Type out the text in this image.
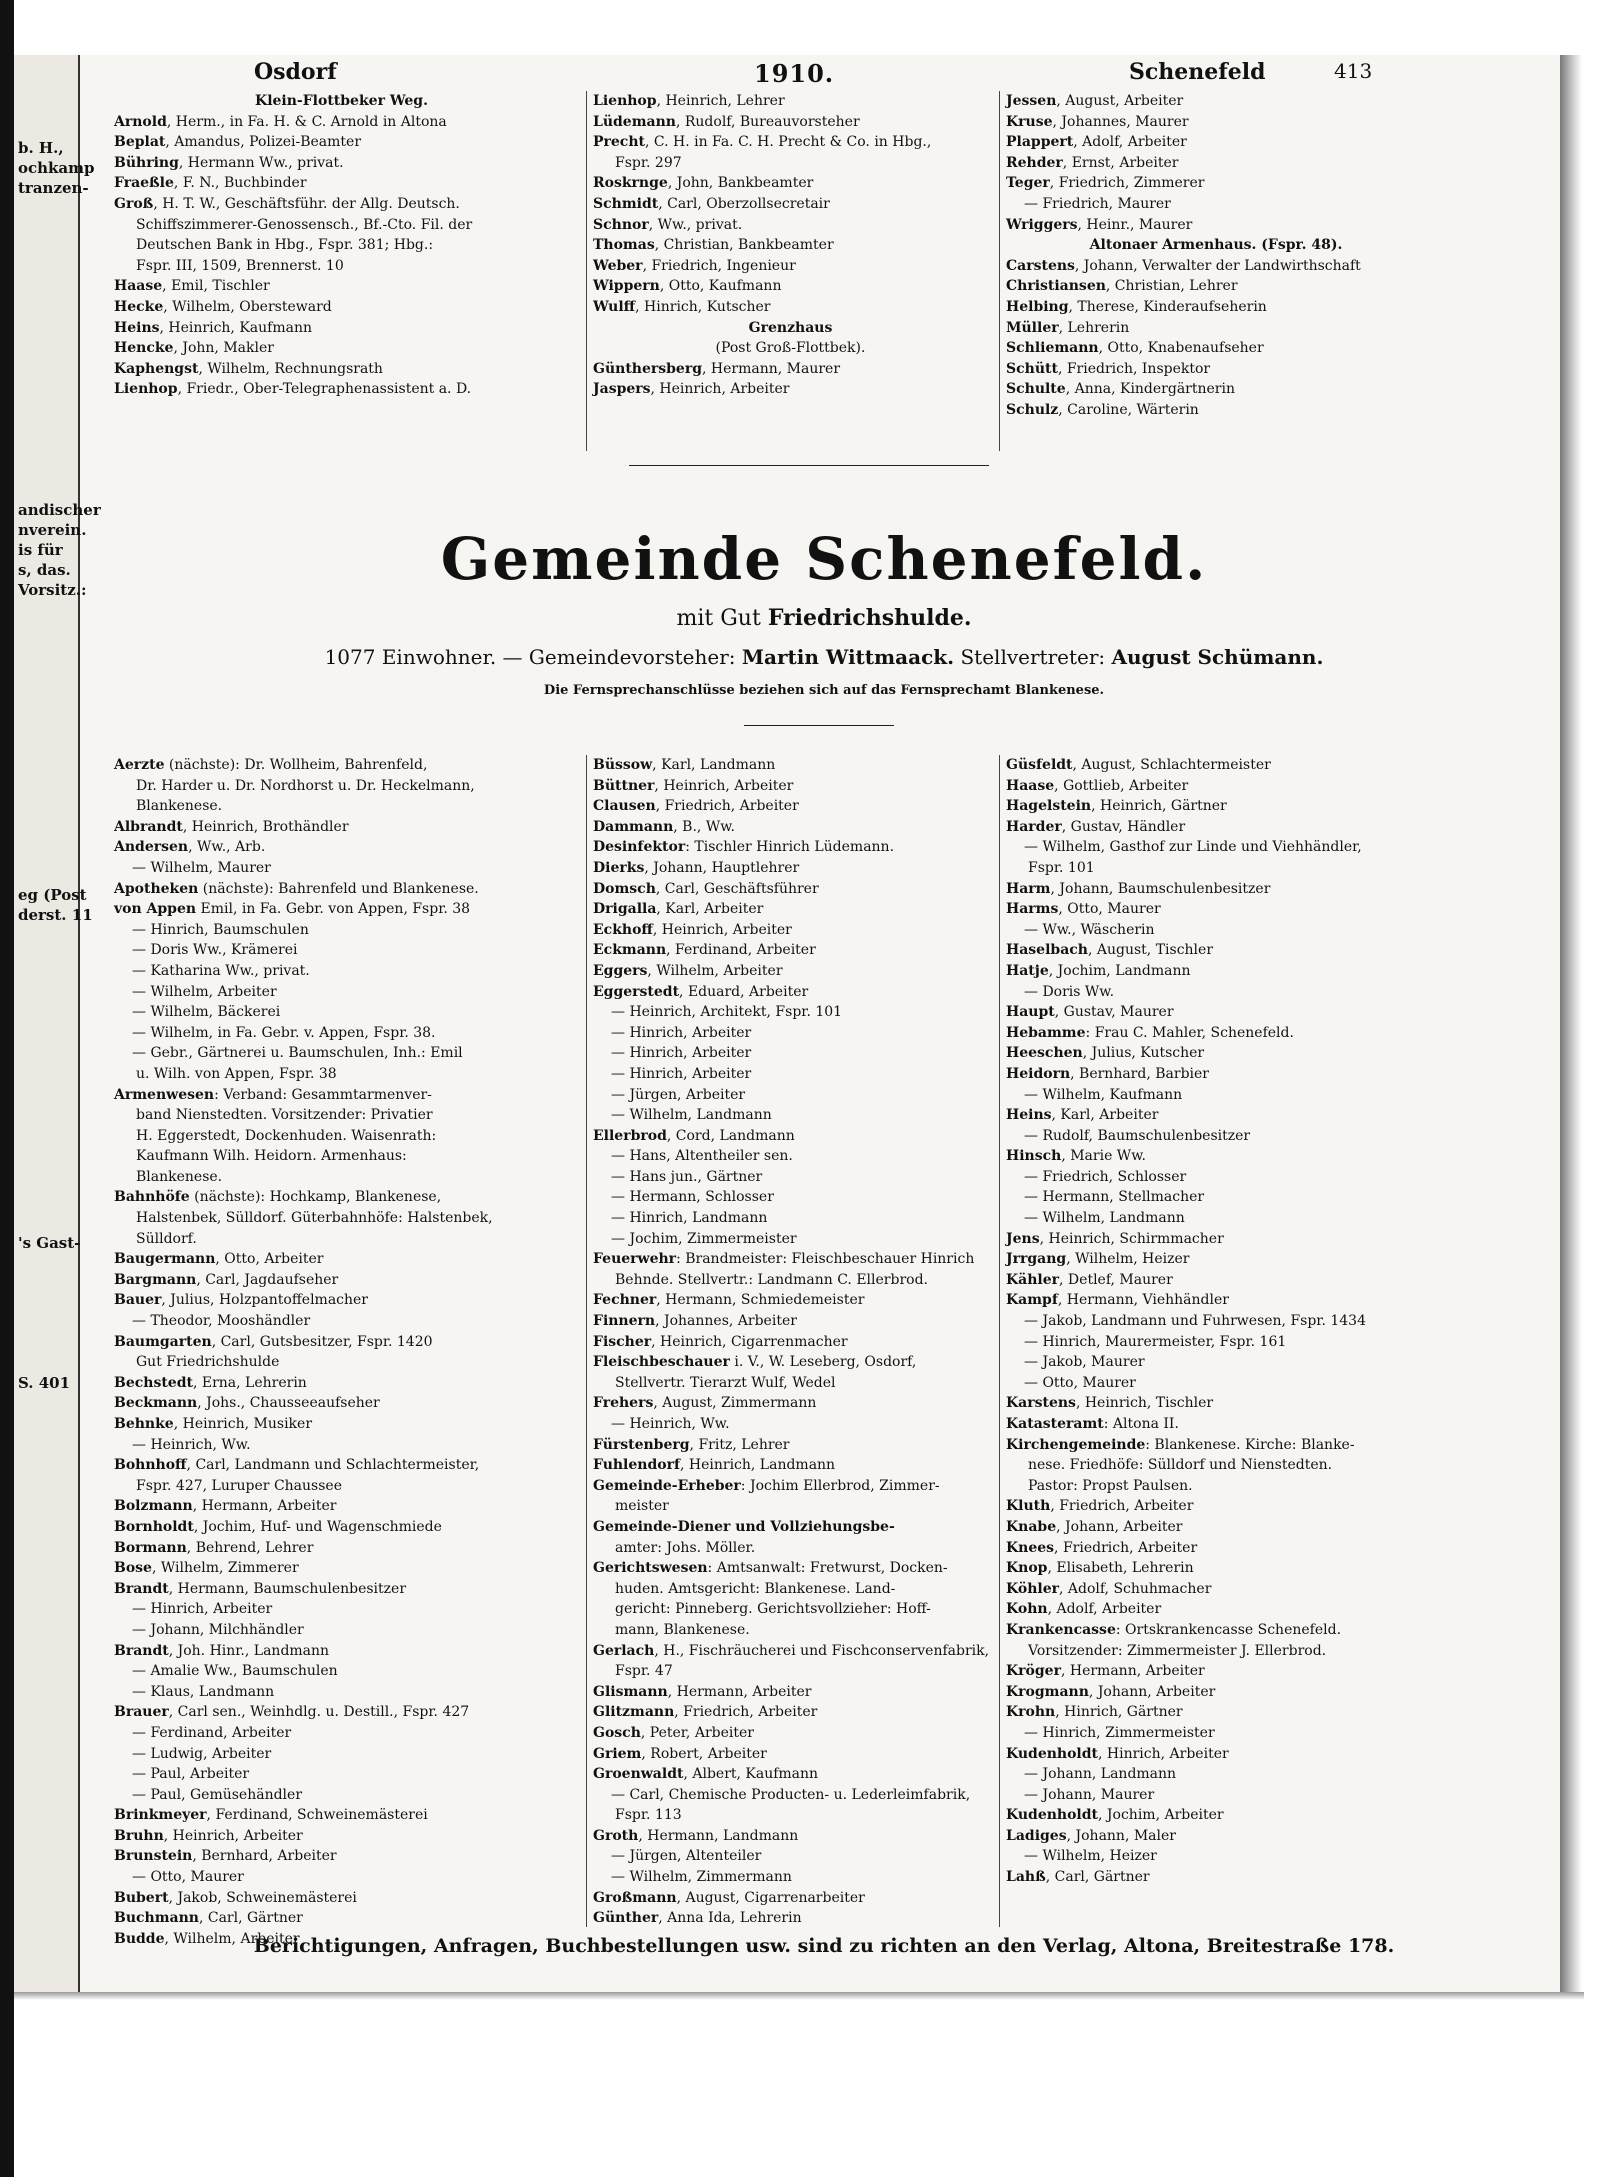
b. H.,
ochkamp
tranzen-
andischer
nverein.
is für
s, das.
Vorsitz.:
eg (Post
derst. 11
's Gast-
S. 401
Osdorf	1910.	Schenefeld	413
Klein-Flottbeker Weg.
Arnold, Herm., in Fa. H. & C. Arnold in Altona
Beplat, Amandus, Polizei-Beamter
Bühring, Hermann Ww., privat.
Fraeßle, F. N., Buchbinder
Groß, H. T. W., Geschäftsführ. der Allg. Deutsch.
Schiffszimmerer-Genossensch., Bf.-Cto. Fil. der
Deutschen Bank in Hbg., Fspr. 381; Hbg.:
Fspr. III, 1509, Brennerst. 10
Haase, Emil, Tischler
Hecke, Wilhelm, Obersteward
Heins, Heinrich, Kaufmann
Hencke, John, Makler
Kaphengst, Wilhelm, Rechnungsrath
Lienhop, Friedr., Ober-Telegraphenassistent a. D.
Lienhop, Heinrich, Lehrer
Lüdemann, Rudolf, Bureauvorsteher
Precht, C. H. in Fa. C. H. Precht & Co. in Hbg.,
Fspr. 297
Roskrnge, John, Bankbeamter
Schmidt, Carl, Oberzollsecretair
Schnor, Ww., privat.
Thomas, Christian, Bankbeamter
Weber, Friedrich, Ingenieur
Wippern, Otto, Kaufmann
Wulff, Hinrich, Kutscher
Grenzhaus
(Post Groß-Flottbek).
Günthersberg, Hermann, Maurer
Jaspers, Heinrich, Arbeiter
Jessen, August, Arbeiter
Kruse, Johannes, Maurer
Plappert, Adolf, Arbeiter
Rehder, Ernst, Arbeiter
Teger, Friedrich, Zimmerer
— Friedrich, Maurer
Wriggers, Heinr., Maurer
Altonaer Armenhaus. (Fspr. 48).
Carstens, Johann, Verwalter der Landwirthschaft
Christiansen, Christian, Lehrer
Helbing, Therese, Kinderaufseherin
Müller, Lehrerin
Schliemann, Otto, Knabenaufseher
Schütt, Friedrich, Inspektor
Schulte, Anna, Kindergärtnerin
Schulz, Caroline, Wärterin
Gemeinde Schenefeld.
mit Gut Friedrichshulde.
1077 Einwohner. — Gemeindevorsteher: Martin Wittmaack. Stellvertreter: August Schümann.
Die Fernsprechanschlüsse beziehen sich auf das Fernsprechamt Blankenese.
Aerzte (nächste): Dr. Wollheim, Bahrenfeld,
Dr. Harder u. Dr. Nordhorst u. Dr. Heckelmann,
Blankenese.
Albrandt, Heinrich, Brothändler
Andersen, Ww., Arb.
— Wilhelm, Maurer
Apotheken (nächste): Bahrenfeld und Blankenese.
von Appen Emil, in Fa. Gebr. von Appen, Fspr. 38
— Hinrich, Baumschulen
— Doris Ww., Krämerei
— Katharina Ww., privat.
— Wilhelm, Arbeiter
— Wilhelm, Bäckerei
— Wilhelm, in Fa. Gebr. v. Appen, Fspr. 38.
— Gebr., Gärtnerei u. Baumschulen, Inh.: Emil
u. Wilh. von Appen, Fspr. 38
Armenwesen: Verband: Gesammtarmenver-
band Nienstedten. Vorsitzender: Privatier
H. Eggerstedt, Dockenhuden. Waisenrath:
Kaufmann Wilh. Heidorn. Armenhaus:
Blankenese.
Bahnhöfe (nächste): Hochkamp, Blankenese,
Halstenbek, Sülldorf. Güterbahnhöfe: Halstenbek,
Sülldorf.
Baugermann, Otto, Arbeiter
Bargmann, Carl, Jagdaufseher
Bauer, Julius, Holzpantoffelmacher
— Theodor, Mooshändler
Baumgarten, Carl, Gutsbesitzer, Fspr. 1420
Gut Friedrichshulde
Bechstedt, Erna, Lehrerin
Beckmann, Johs., Chausseeaufseher
Behnke, Heinrich, Musiker
— Heinrich, Ww.
Bohnhoff, Carl, Landmann und Schlachtermeister,
Fspr. 427, Luruper Chaussee
Bolzmann, Hermann, Arbeiter
Bornholdt, Jochim, Huf- und Wagenschmiede
Bormann, Behrend, Lehrer
Bose, Wilhelm, Zimmerer
Brandt, Hermann, Baumschulenbesitzer
— Hinrich, Arbeiter
— Johann, Milchhändler
Brandt, Joh. Hinr., Landmann
— Amalie Ww., Baumschulen
— Klaus, Landmann
Brauer, Carl sen., Weinhdlg. u. Destill., Fspr. 427
— Ferdinand, Arbeiter
— Ludwig, Arbeiter
— Paul, Arbeiter
— Paul, Gemüsehändler
Brinkmeyer, Ferdinand, Schweinemästerei
Bruhn, Heinrich, Arbeiter
Brunstein, Bernhard, Arbeiter
— Otto, Maurer
Bubert, Jakob, Schweinemästerei
Buchmann, Carl, Gärtner
Budde, Wilhelm, Arbeiter
Büssow, Karl, Landmann
Büttner, Heinrich, Arbeiter
Clausen, Friedrich, Arbeiter
Dammann, B., Ww.
Desinfektor: Tischler Hinrich Lüdemann.
Dierks, Johann, Hauptlehrer
Domsch, Carl, Geschäftsführer
Drigalla, Karl, Arbeiter
Eckhoff, Heinrich, Arbeiter
Eckmann, Ferdinand, Arbeiter
Eggers, Wilhelm, Arbeiter
Eggerstedt, Eduard, Arbeiter
— Heinrich, Architekt, Fspr. 101
— Hinrich, Arbeiter
— Hinrich, Arbeiter
— Hinrich, Arbeiter
— Jürgen, Arbeiter
— Wilhelm, Landmann
Ellerbrod, Cord, Landmann
— Hans, Altentheiler sen.
— Hans jun., Gärtner
— Hermann, Schlosser
— Hinrich, Landmann
— Jochim, Zimmermeister
Feuerwehr: Brandmeister: Fleischbeschauer Hinrich
Behnde. Stellvertr.: Landmann C. Ellerbrod.
Fechner, Hermann, Schmiedemeister
Finnern, Johannes, Arbeiter
Fischer, Heinrich, Cigarrenmacher
Fleischbeschauer i. V., W. Leseberg, Osdorf,
Stellvertr. Tierarzt Wulf, Wedel
Frehers, August, Zimmermann
— Heinrich, Ww.
Fürstenberg, Fritz, Lehrer
Fuhlendorf, Heinrich, Landmann
Gemeinde-Erheber: Jochim Ellerbrod, Zimmer-
meister
Gemeinde-Diener und Vollziehungsbe-
amter: Johs. Möller.
Gerichtswesen: Amtsanwalt: Fretwurst, Docken-
huden. Amtsgericht: Blankenese. Land-
gericht: Pinneberg. Gerichtsvollzieher: Hoff-
mann, Blankenese.
Gerlach, H., Fischräucherei und Fischconservenfabrik,
Fspr. 47
Glismann, Hermann, Arbeiter
Glitzmann, Friedrich, Arbeiter
Gosch, Peter, Arbeiter
Griem, Robert, Arbeiter
Groenwaldt, Albert, Kaufmann
— Carl, Chemische Producten- u. Lederleimfabrik,
Fspr. 113
Groth, Hermann, Landmann
— Jürgen, Altenteiler
— Wilhelm, Zimmermann
Großmann, August, Cigarrenarbeiter
Günther, Anna Ida, Lehrerin
Güsfeldt, August, Schlachtermeister
Haase, Gottlieb, Arbeiter
Hagelstein, Heinrich, Gärtner
Harder, Gustav, Händler
— Wilhelm, Gasthof zur Linde und Viehhändler,
Fspr. 101
Harm, Johann, Baumschulenbesitzer
Harms, Otto, Maurer
— Ww., Wäscherin
Haselbach, August, Tischler
Hatje, Jochim, Landmann
— Doris Ww.
Haupt, Gustav, Maurer
Hebamme: Frau C. Mahler, Schenefeld.
Heeschen, Julius, Kutscher
Heidorn, Bernhard, Barbier
— Wilhelm, Kaufmann
Heins, Karl, Arbeiter
— Rudolf, Baumschulenbesitzer
Hinsch, Marie Ww.
— Friedrich, Schlosser
— Hermann, Stellmacher
— Wilhelm, Landmann
Jens, Heinrich, Schirmmacher
Jrrgang, Wilhelm, Heizer
Kähler, Detlef, Maurer
Kampf, Hermann, Viehhändler
— Jakob, Landmann und Fuhrwesen, Fspr. 1434
— Hinrich, Maurermeister, Fspr. 161
— Jakob, Maurer
— Otto, Maurer
Karstens, Heinrich, Tischler
Katasteramt: Altona II.
Kirchengemeinde: Blankenese. Kirche: Blanke-
nese. Friedhöfe: Sülldorf und Nienstedten.
Pastor: Propst Paulsen.
Kluth, Friedrich, Arbeiter
Knabe, Johann, Arbeiter
Knees, Friedrich, Arbeiter
Knop, Elisabeth, Lehrerin
Köhler, Adolf, Schuhmacher
Kohn, Adolf, Arbeiter
Krankencasse: Ortskrankencasse Schenefeld.
Vorsitzender: Zimmermeister J. Ellerbrod.
Kröger, Hermann, Arbeiter
Krogmann, Johann, Arbeiter
Krohn, Hinrich, Gärtner
— Hinrich, Zimmermeister
Kudenholdt, Hinrich, Arbeiter
— Johann, Landmann
— Johann, Maurer
Kudenholdt, Jochim, Arbeiter
Ladiges, Johann, Maler
— Wilhelm, Heizer
Lahß, Carl, Gärtner
Berichtigungen, Anfragen, Buchbestellungen usw. sind zu richten an den Verlag, Altona, Breitestraße 178.
